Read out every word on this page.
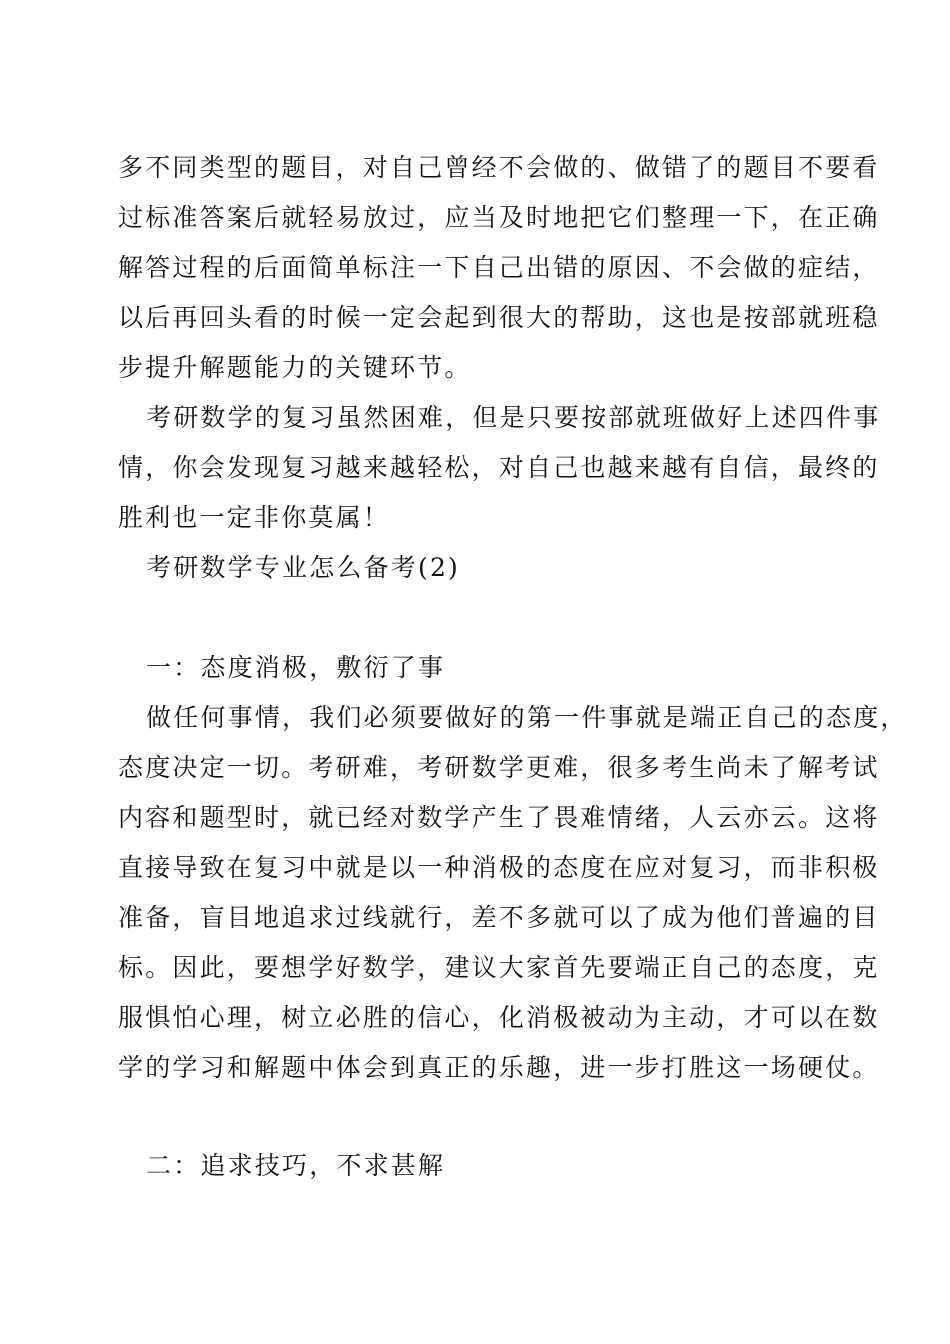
多不同类型的题目，对自己曾经不会做的、做错了的题目不要看
过标准答案后就轻易放过，应当及时地把它们整理一下，在正确
解答过程的后面简单标注一下自己出错的原因、不会做的症结，
以后再回头看的时候一定会起到很大的帮助，这也是按部就班稳
步提升解题能力的关键环节。
考研数学的复习虽然困难，但是只要按部就班做好上述四件事
情，你会发现复习越来越轻松，对自己也越来越有自信，最终的
胜利也一定非你莫属！
考研数学专业怎么备考(2)
一：态度消极，敷衍了事
做任何事情，我们必须要做好的第一件事就是端正自己的态度，
态度决定一切。考研难，考研数学更难，很多考生尚未了解考试
内容和题型时，就已经对数学产生了畏难情绪，人云亦云。这将
直接导致在复习中就是以一种消极的态度在应对复习，而非积极
准备，盲目地追求过线就行，差不多就可以了成为他们普遍的目
标。因此，要想学好数学，建议大家首先要端正自己的态度，克
服惧怕心理，树立必胜的信心，化消极被动为主动，才可以在数
学的学习和解题中体会到真正的乐趣，进一步打胜这一场硬仗。
二：追求技巧，不求甚解
